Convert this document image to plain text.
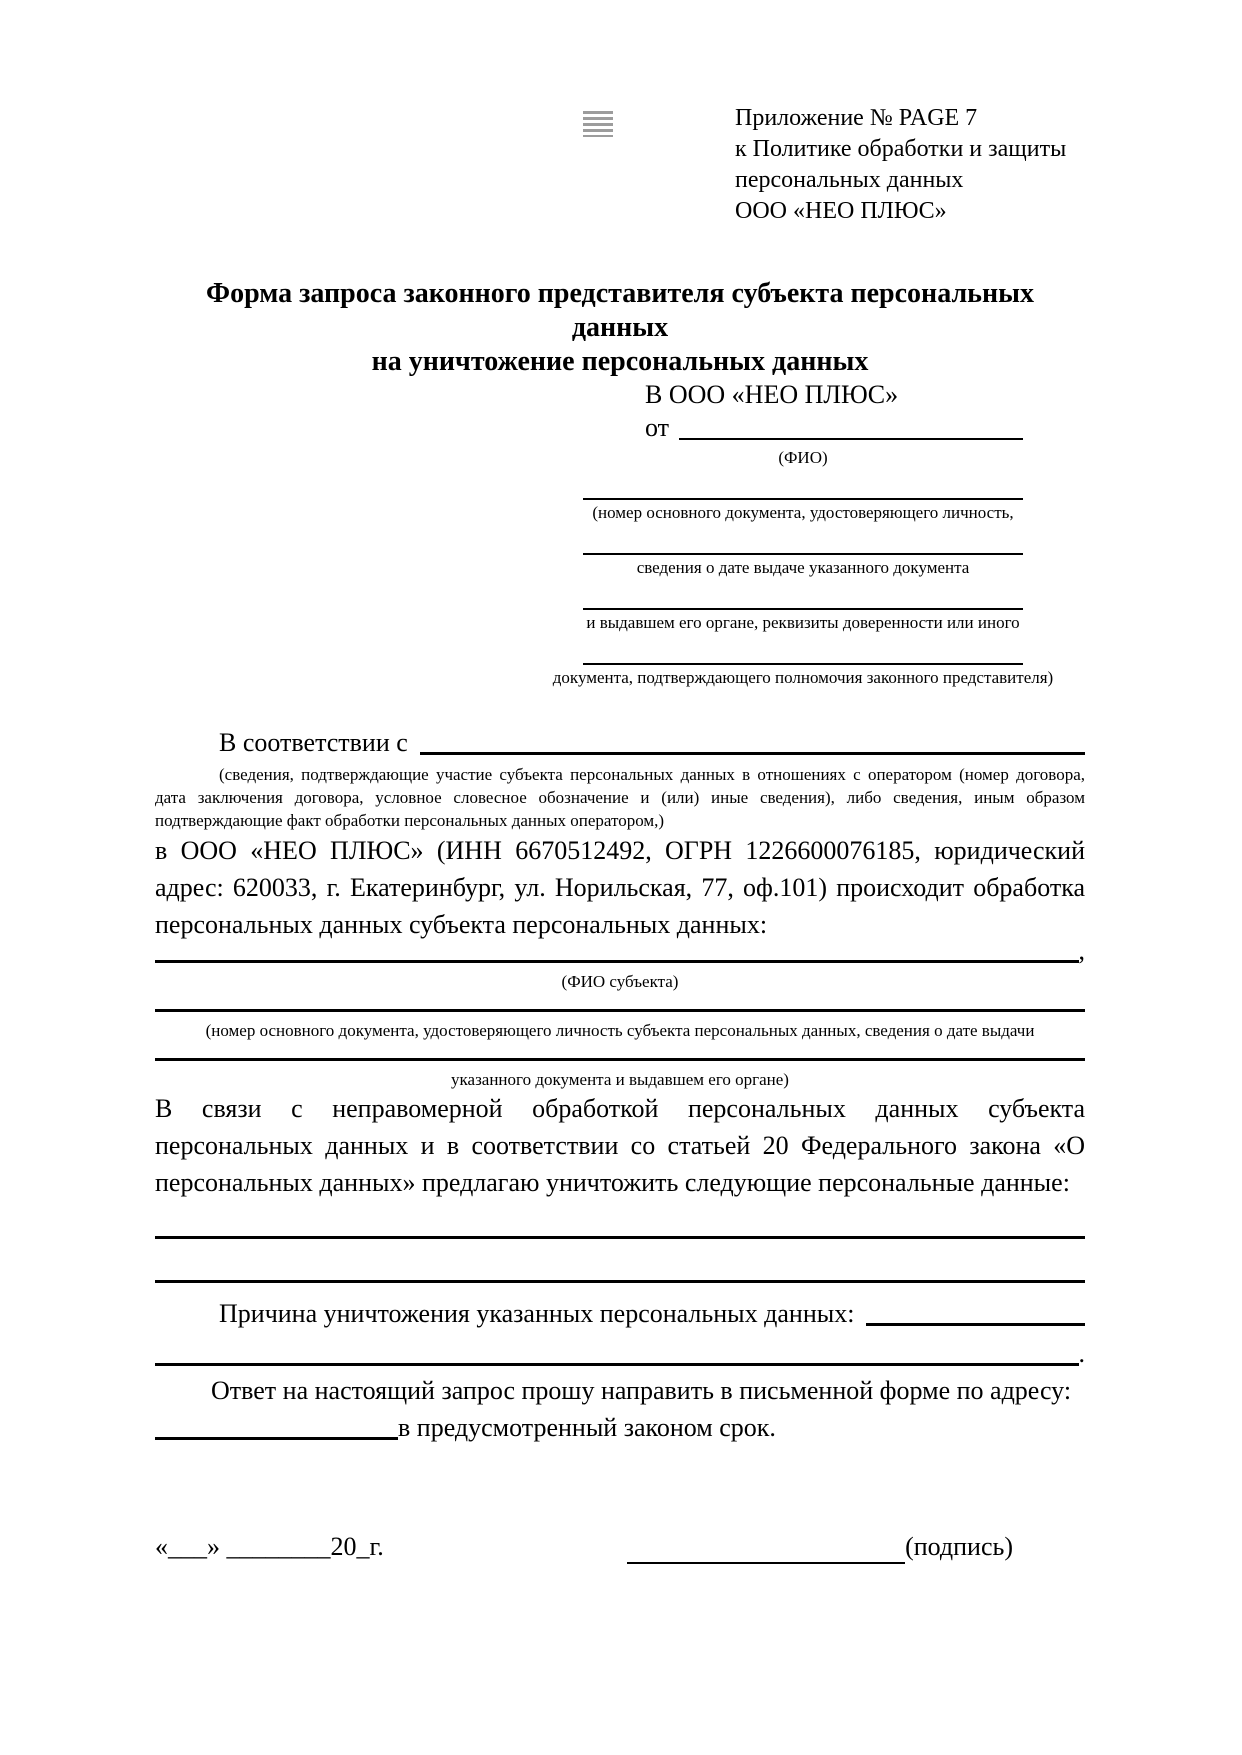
Приложение № PAGE 7
к Политике обработки и защиты
персональных данных
ООО «НЕО ПЛЮС»
Форма запроса законного представителя субъекта персональных данных
на уничтожение персональных данных
В ООО «НЕО ПЛЮС»
от
(ФИО)
(номер основного документа, удостоверяющего личность,
сведения о дате выдаче указанного документа
и выдавшем его органе, реквизиты доверенности или иного
документа, подтверждающего полномочия законного представителя)
В соответствии с
(сведения, подтверждающие участие субъекта персональных данных в отношениях с оператором (номер договора, дата заключения договора, условное словесное обозначение и (или) иные сведения), либо сведения, иным образом подтверждающие факт обработки персональных данных оператором,)

в ООО «НЕО ПЛЮС» (ИНН 6670512492, ОГРН 1226600076185, юридический адрес: 620033, г. Екатеринбург, ул. Норильская, 77, оф.101) происходит обработка персональных данных субъекта персональных данных:

,
(ФИО субъекта)
(номер основного документа, удостоверяющего личность субъекта персональных данных, сведения о дате выдачи
указанного документа и выдавшем его органе)

В связи с неправомерной обработкой персональных данных субъекта персональных данных и в соответствии со статьей 20 Федерального закона «О персональных данных» предлагаю уничтожить следующие персональные данные:

Причина уничтожения указанных персональных данных:
.
Ответ на настоящий запрос прошу направить в письменной форме по адресу:
в предусмотренный законом срок.
«___» ________20_г.	(подпись)
